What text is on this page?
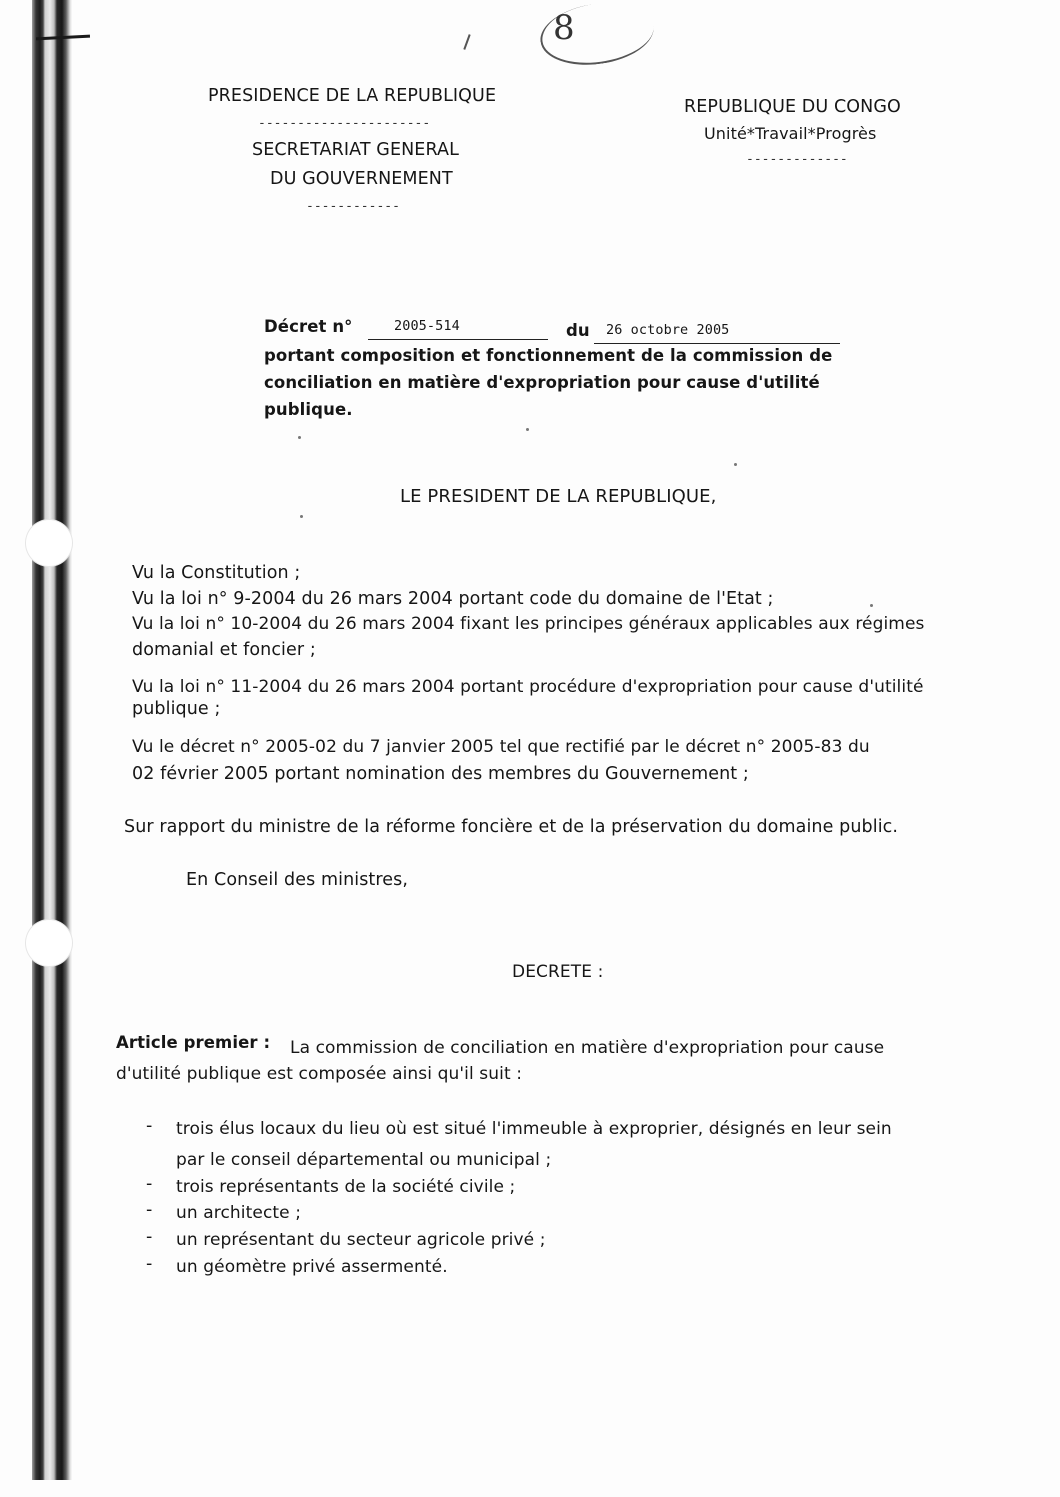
8
PRESIDENCE DE LA REPUBLIQUE
----------------------
SECRETARIAT GENERAL
DU GOUVERNEMENT
------------
REPUBLIQUE DU CONGO
Unité*Travail*Progrès
-------------
Décret n°	2005-514	du 26 octobre 2005
portant composition et fonctionnement de la commission de
conciliation en matière d'expropriation pour cause d'utilité
publique.
LE PRESIDENT DE LA REPUBLIQUE,
Vu la Constitution ;
Vu la loi n° 9-2004 du 26 mars 2004 portant code du domaine de l'Etat ;
Vu la loi n° 10-2004 du 26 mars 2004 fixant les principes généraux applicables aux régimes
domanial et foncier ;
Vu la loi n° 11-2004 du 26 mars 2004 portant procédure d'expropriation pour cause d'utilité
publique ;
Vu le décret n° 2005-02 du 7 janvier 2005 tel que rectifié par le décret n° 2005-83 du
02 février 2005 portant nomination des membres du Gouvernement ;
Sur rapport du ministre de la réforme foncière et de la préservation du domaine public.
En Conseil des ministres,
DECRETE :
Article premier : La commission de conciliation en matière d'expropriation pour cause
d'utilité publique est composée ainsi qu'il suit :
- trois élus locaux du lieu où est situé l'immeuble à exproprier, désignés en leur sein
par le conseil départemental ou municipal ;
- trois représentants de la société civile ;
- un architecte ;
- un représentant du secteur agricole privé ;
- un géomètre privé assermenté.
